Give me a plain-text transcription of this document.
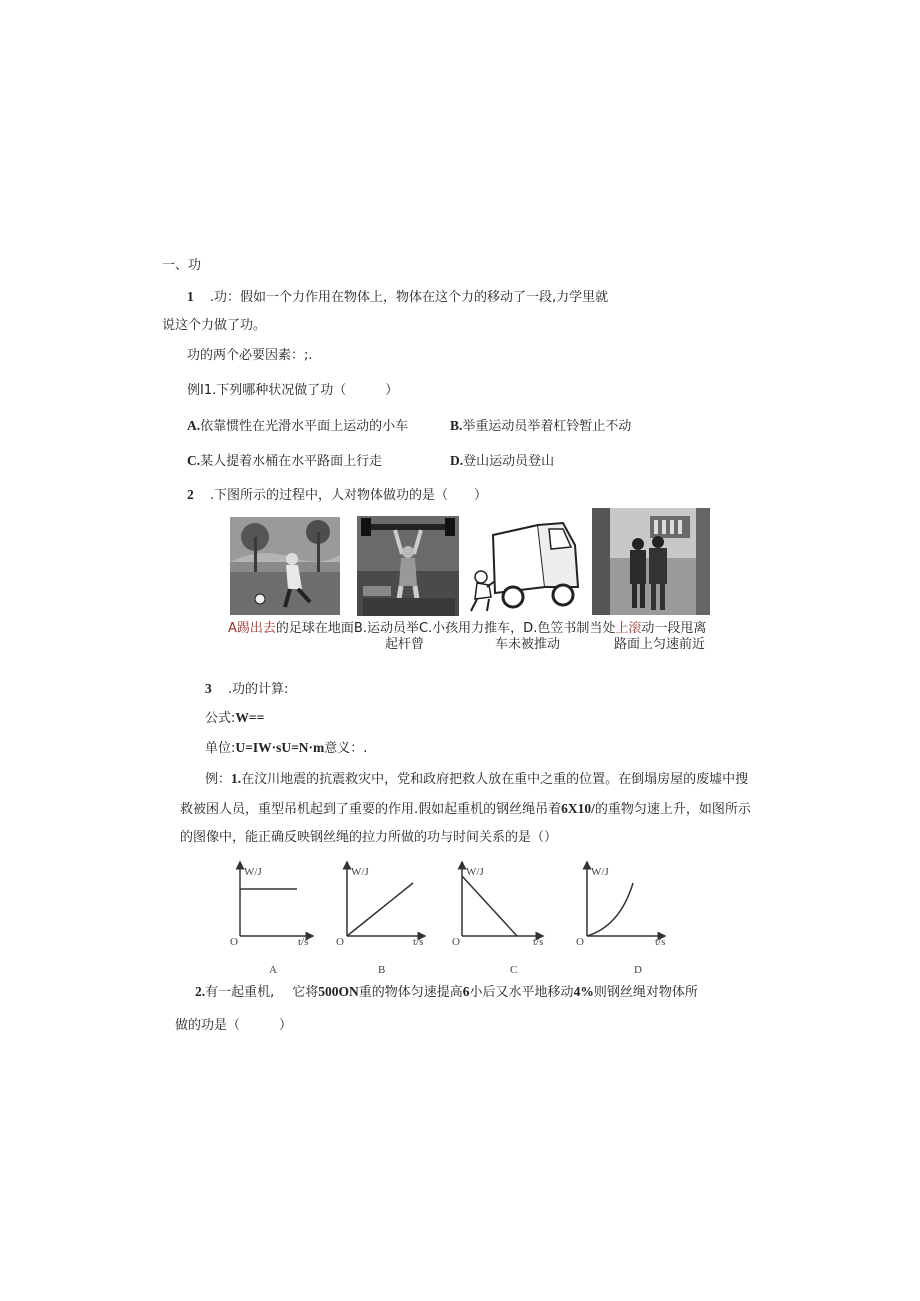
一、功
1 .功：假如一个力作用在物体上，物体在这个力的移动了一段,力学里就
说这个力做了功。
功的两个必要因素：;.
例I1.下列哪种状况做了功（　　　）
A.依靠惯性在光滑水平面上运动的小车	B.举重运动员举着杠铃暂止不动
C.某人提着水桶在水平路面上行走	D.登山运动员登山
2 .下图所示的过程中，人对物体做功的是（　　）
A踢出去的足球在地面B.运动员举C.小孩用力推车，D.色笠书制当处上滚动一段甩离
起杆曾	车未被推动	路面上匀速前近
3 .功的计算:
公式:W==
单位:U=IW·sU=N·m意义：.
例：1.在汶川地震的抗震救灾中，党和政府把救人放在重中之重的位置。在倒塌房屋的废墟中搜
救被困人员，重型吊机起到了重要的作用.假如起重机的钢丝绳吊着6X10/的重物匀速上升，如图所示
的图像中，能正确反映钢丝绳的拉力所做的功与时间关系的是（）
W/J	W/J	W/J	W/J
t/s	t/s	t/s	t/s
O	O	O	O
A	B	C	D
2.有一起重机, 它将500ON重的物体匀速提高6小后又水平地移动4%则钢丝绳对物体所
做的功是（　　　）
